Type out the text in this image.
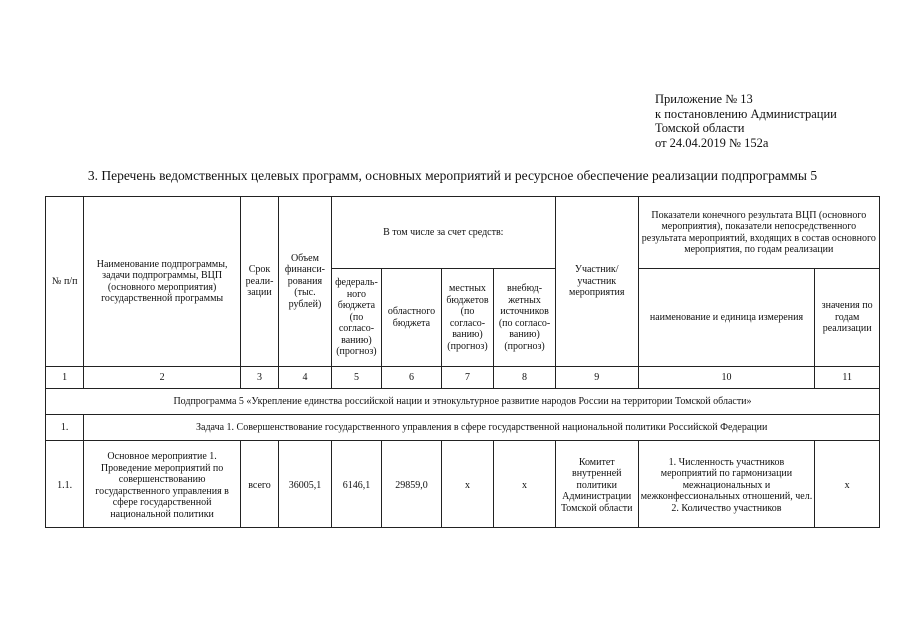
Приложение № 13
к постановлению Администрации
Томской области
от 24.04.2019 № 152а
3. Перечень ведомственных целевых программ, основных мероприятий и ресурсное обеспечение реализации подпрограммы 5
№ п/п	Наименование подпрограммы, задачи подпрограммы, ВЦП (основного мероприятия) государственной программы	Срок реали-зации	Объем финанси-рования (тыс. рублей)	В том числе за счет средств:				Участник/ участник мероприятия	Показатели конечного результата ВЦП (основного мероприятия), показатели непосредственного результата мероприятий, входящих в состав основного мероприятия, по годам реализации	
				федераль-ного бюджета (по согласо-ванию) (прогноз)	областного бюджета	местных бюджетов (по согласо-ванию) (прогноз)	внебюд-жетных источников (по согласо-ванию) (прогноз)		наименование и единица измерения	значения по годам реализации
1	2	3	4	5	6	7	8	9	10	11
Подпрограмма 5 «Укрепление единства российской нации и этнокультурное развитие народов России на территории Томской области»										
1.	Задача 1. Совершенствование государственного управления в сфере государственной национальной политики Российской Федерации									
1.1.	Основное мероприятие 1. Проведение мероприятий по совершенствованию государственного управления в сфере государственной национальной политики	всего	36005,1	6146,1	29859,0	x	x	Комитет внутренней политики Администрации Томской области	1. Численность участников мероприятий по гармонизации межнациональных и межконфессиональных отношений, чел. 2. Количество участников	x
